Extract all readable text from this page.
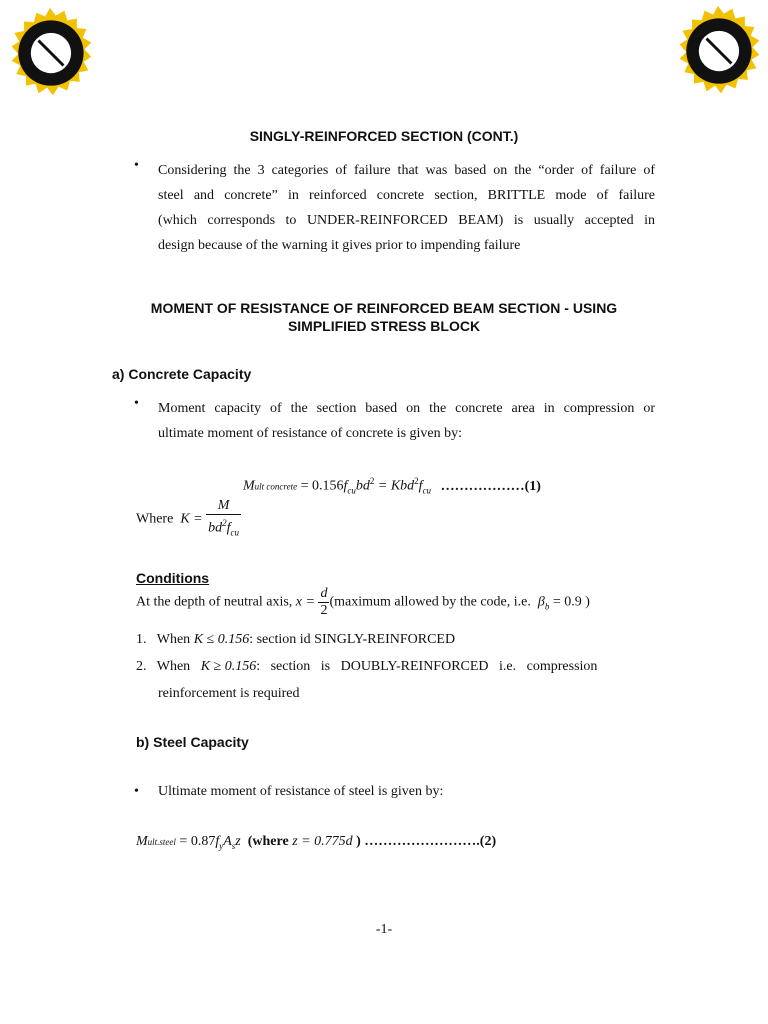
SINGLY-REINFORCED SECTION (CONT.)
• Considering the 3 categories of failure that was based on the “order of failure of
steel and concrete” in reinforced concrete section, BRITTLE mode of failure
(which corresponds to UNDER-REINFORCED BEAM) is usually accepted in
design because of the warning it gives prior to impending failure
MOMENT OF RESISTANCE OF REINFORCED BEAM SECTION - USING
SIMPLIFIED STRESS BLOCK
a) Concrete Capacity
• Moment capacity of the section based on the concrete area in compression or
ultimate moment of resistance of concrete is given by:
Mult concrete = $0.156f_{cu}bd^2 = Kbd^2f_{cu}$ ………………(1)
Where $K = \frac{M}{bd^2f_{cu}}$
Conditions
At the depth of neutral axis, $x = \frac{d}{2}$ (maximum allowed by the code, i.e. $\beta_b = 0.9$ )
1. When K ≤ 0.156: section id SINGLY-REINFORCED
2. When K ≥ 0.156:   section   is   DOUBLY-REINFORCED   i.e.   compression
reinforcement is required
b) Steel Capacity
• Ultimate moment of resistance of steel is given by:
Mult.steel = $0.87f_yA_sz$ (where z = 0.775d ) …………………….(2)
-1-
